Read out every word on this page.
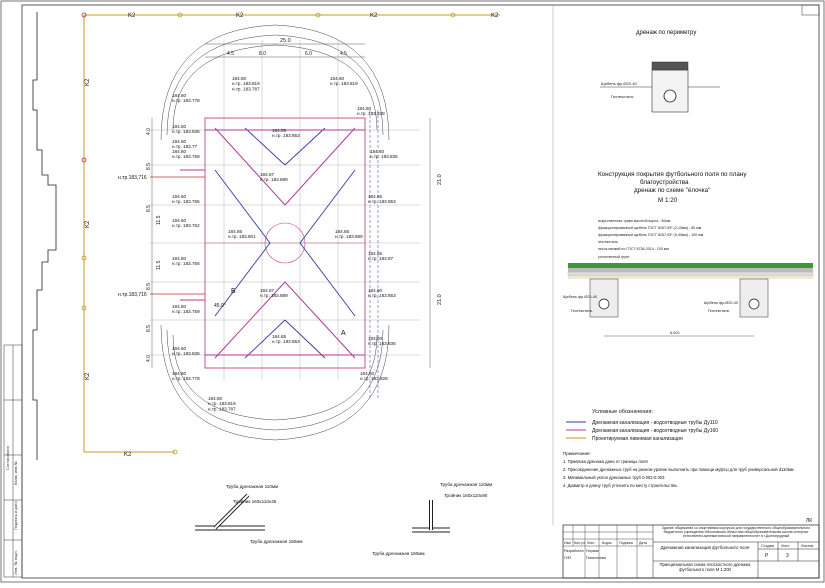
Согласовано
Взам. инв.№
Подпись и дата
Инв. № подл.
K2	K2	K2	K2
K2
K2
K2
K2
25.0
4.5	8.0	6.0	4.5
21.0
21.0
4.0
8.5
8.5
11.5
11.5
8.5
8.5
4.0
184.60 н.тр. 183.819 н.тр. 183.787
184.60 н.тр. 183.778
184.60 н.тр. 183.819
184.60 н.тр. 183.828
184.60 н.тр. 183.819 н.тр. 183.787
184.60 н.тр. 183.778
184.60 н.тр. 183.828
184.65 н.тр. 183.853
184.60 н.тр. 183.836
184.67 н.тр. 183.889
184.65 н.тр. 183.853
184.65 н.тр. 183.889
184.65 н.тр. 183.87
184.67 н.тр. 183.889
184.60 н.тр. 183.853
184.65 н.тр. 183.853
184.60 н.тр. 183.836
184.65 н.тр. 183.801
184.60 н.тр. 183.836
184.60 н.тр. 183.77
184.60 н.тр. 183.759
184.60 н.тр. 183.765
184.60 н.тр. 183.762
184.60 н.тр. 183.765
184.60 н.тр. 183.759
184.60 н.тр. 183.836
н.тр.183,716
н.тр.183,716	Б
А
45.0°
дренаж по периметру
Щебень фр.Ø20-40
Геотекстиль
Конструкция покрытия футбольного поля по плану
благоустройства
дренаж по схеме "ёлочка"
М 1:20
искусственная трава высотой ворса - 50мм
фракционированный щебень ГОСТ 8267-93* (2-10мм) - 80 мм
фракционированный щебень ГОСТ 8267-93* (5-40мм) - 100 мм
геотекстиль
песок мелкий по ГОСТ 8736-2014 - 100 мм
уплотненный грунт
Щебень фр.Ø20-40
Геотекстиль
Щебень фр.Ø20-40
Геотекстиль
6.000
Условные обозначения:
Дренажная канализация - водоотводные трубы Ду110
Дренажная канализация - водоотводные трубы Ду160
Проектируемая ливневая канализация
Примечание:
1. Привязка дренажа дана от границы поля
2. Присоединение дренажных труб на разном уровне выполнить при помощи муфты для труб универсальной d110мм
3. Минимальный уклон дренажных труб 0.002-0.003
4. Диаметр и длину труб уточнить по месту строительства.
Труба дренажная 110мм
Тройник 160х110х45
Труба дренажная 160мм
Труба дренажная 110мм
Тройник 160х110х90
Труба дренажная 160мм
Изм Кол.уч Лист №док Подпись Дата
Разработал
ГИП
Нормак
Писателева
ЛК
Здание общежития со спортивным корпусом для государственного общеобразовательного бюджетного учреждения «Московская областная общеобразовательная школа-интернат естественно-математической направленности» в г.Долгопрудный
Дренажная канализация футбольного поля
Принципиальная схема плоскостного дренажа футбольного поля М 1:200
Стадия Лист	Листов
Р	3
